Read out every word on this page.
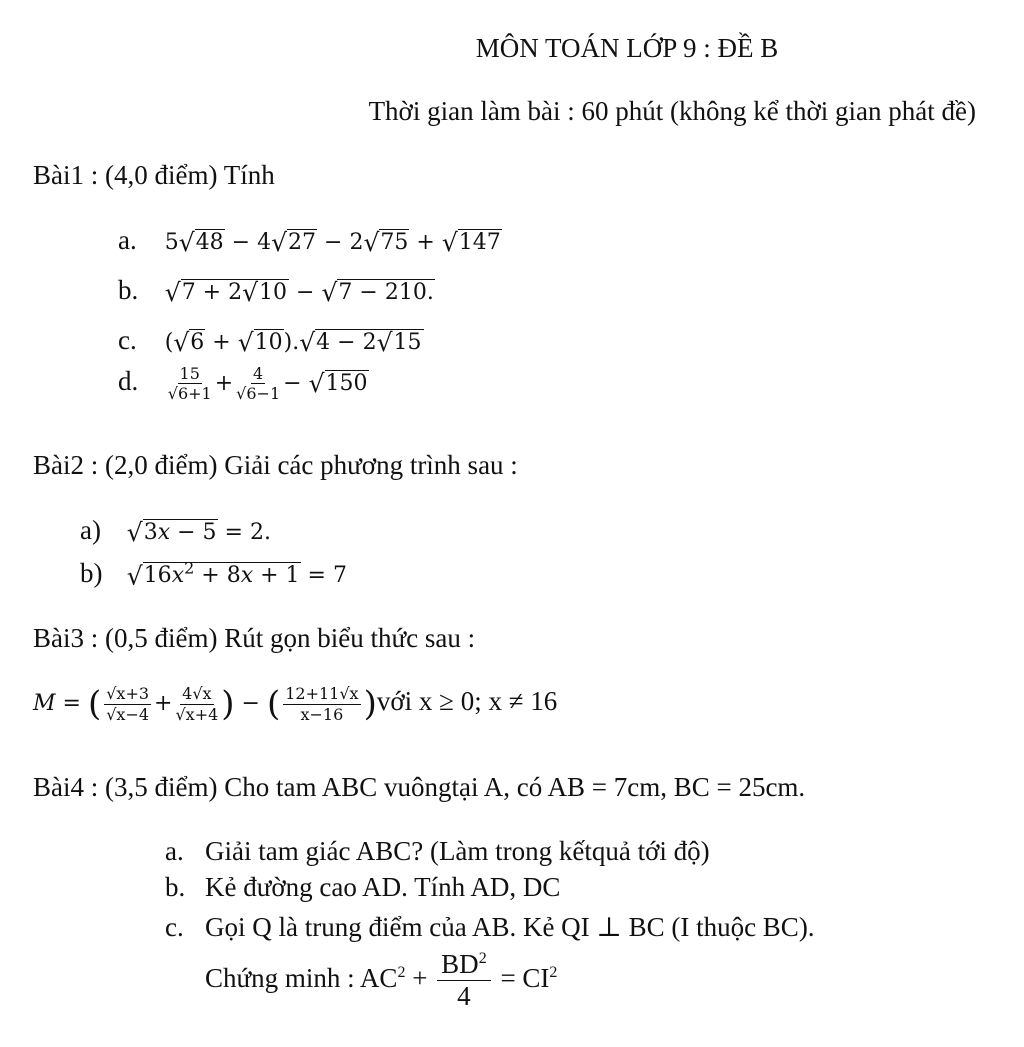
MÔN TOÁN LỚP 9 : ĐỀ B
Thời gian làm bài : 60 phút (không kể thời gian phát đề)
Bài1 : (4,0 điểm) Tính
a. 5√48 − 4√27 − 2√75 + √147
b. √7 + 2√10 − √7 − 210.
c. (√6 + √10).√4 − 2√15
d. $\frac{15}{√6+1} + \frac{4}{√6-1} - √150$
Bài2 : (2,0 điểm) Giải các phương trình sau :
a) √3x − 5 = 2.
b) $√16x^2 + 8x + 1 = 7$
Bài3 : (0,5 điểm) Rút gọn biểu thức sau :
M = ( $\frac{√x+3}{√x-4} + \frac{4√x}{√x+4}$ ) − ( $\frac{12+11√x}{x-16}$ )với x ≥ 0; x ≠ 16
Bài4 : (3,5 điểm) Cho tam ABC vuôngtại A, có AB = 7cm, BC = 25cm.
a. Giải tam giác ABC? (Làm trong kếtquả tới độ)
b. Kẻ đường cao AD. Tính AD, DC
c. Gọi Q là trung điểm của AB. Kẻ QI ⊥ BC (I thuộc BC).
Chứng minh : $AC^2 + \frac{BD^2}{4} = CI^2$
